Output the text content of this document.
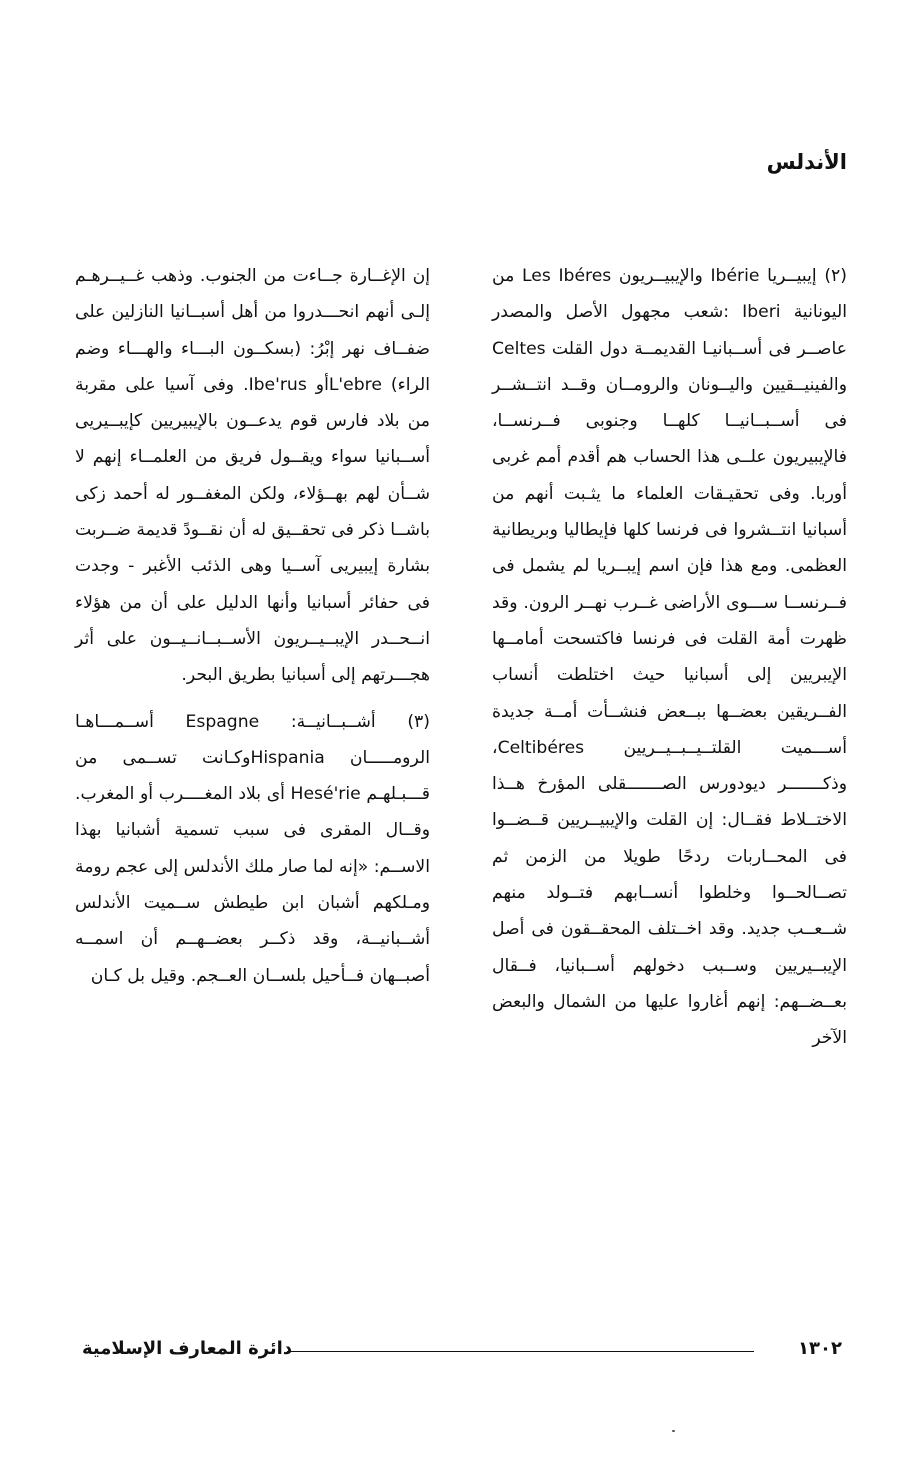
الأندلس

(٢) إيبيــريا Ibérie والإيبيــريون Les Ibéres من اليونانية Iberi :شعب مجهول الأصل والمصدر عاصــر فى أســبانيـا القديمــة دول القلت Celtes والفينيــقيين واليــونان والرومــان وقــد انتــشــر فى أســبــانيــا كلهــا وجنوبى فــرنســا، فالإيبيريون علــى هذا الحساب هم أقدم أمم غربى أوربا. وفى تحقيـقات العلماء ما يثـبت أنهم من أسبانيا انتــشروا فى فرنسا كلها فإيطاليا وبريطانية العظمى. ومع هذا فإن اسم إيبــريا لم يشمل فى فــرنســا ســـوى الأراضى غــرب نهــر الرون. وقد ظهرت أمة القلت فى فرنسا فاكتسحت أمامــها الإيبريين إلى أسبانيا حيث اختلطت أنساب الفــريقين بعضــها ببــعض فنشــأت أمــة جديدة أســـميت القلتــيــبــيــريين Celtibéres، وذكـــــــر ديودورس الصـــــــقلى المؤرخ هــذا الاختــلاط فقــال: إن القلت والإيبيــريين قــضــوا فى المحــاربات ردحًا طويلا من الزمن ثم تصــالحــوا وخلطوا أنســابهم فتــولد منهم شــعــب جديد. وقد اخــتلف المحقــقون فى أصل الإيبــيريين وســبب دخولهم أســبانيا، فــقال بعــضــهم: إنهم أغاروا عليها من الشمال والبعض الآخر

إن الإغــارة جــاءت من الجنوب. وذهب غــيــرهـم إلـى أنهم انحـــدروا من أهل أسبــانيا النازلين على ضفــاف نهر إبْرُ: (بسكــون البـــاء والهـــاء وضم الراء) L'ebreأو Ibe'rus. وفى آسيا على مقربة من بلاد فارس قوم يدعــون بالإيبيريين كإيبــيريى أســبانيا سواء ويقــول فريق من العلمــاء إنهم لا شــأن لهم بهــؤلاء، ولكن المغفــور له أحمد زكى باشــا ذكر فى تحقــيق له أن نقــودً قديمة ضــربت بشارة إيبيريى آســيا وهى الذئب الأغبر - وجدت فى حفائر أسبانيا وأنها الدليل على أن من هؤلاء انــحــدر الإيبــيــريون الأســبــانــيــون على أثر هجـــرتهم إلى أسبانيا بطريق البحر.

(٣) أشــبــانيــة: Espagne أســمـــاهـا الرومـــــان Hispaniaوكـانت تســمى من قـــبـلهـم Hesé'rie أى بلاد المغــــرب أو المغرب. وقــال المقرى فى سبب تسمية أشبانيا بهذا الاســم: «إنه لما صار ملك الأندلس إلى عجم رومة ومـلكهم أشبان ابن طيطش ســميت الأندلس أشــبانيــة، وقد ذكــر بعضــهــم أن اسمــه أصبــهان فــأحيل بلســان العــجم. وقيل بل كـان

١٣٠٢
دائرة المعارف الإسلامية
